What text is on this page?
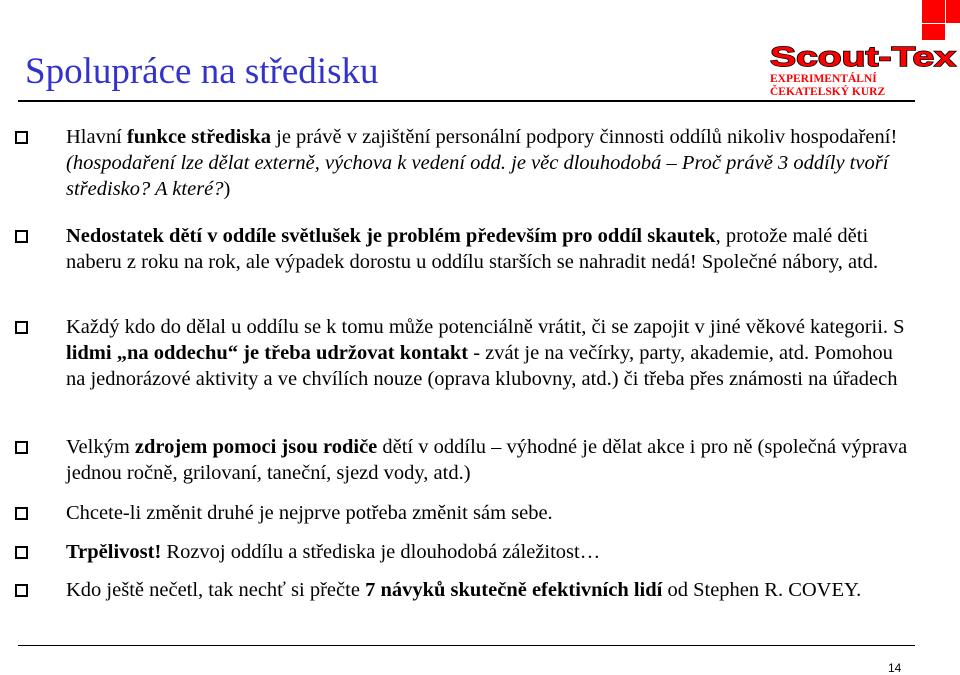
Spolupráce na středisku	Scout-Tex
EXPERIMENTÁLNÍ
ČEKATELSKÝ KURZ
Hlavní funkce střediska je právě v zajištění personální podpory činnosti oddílů nikoliv hospodaření! (hospodaření lze dělat externě, výchova k vedení odd. je věc dlouhodobá – Proč právě 3 oddíly tvoří středisko? A které?)
Nedostatek dětí v oddíle světlušek je problém především pro oddíl skautek, protože malé děti naberu z roku na rok, ale výpadek dorostu u oddílu starších se nahradit nedá! Společné nábory, atd.
Každý kdo do dělal u oddílu se k tomu může potenciálně vrátit, či se zapojit v jiné věkové kategorii. S lidmi „na oddechu“ je třeba udržovat kontakt - zvát je na večírky, party, akademie, atd. Pomohou na jednorázové aktivity a ve chvílích nouze (oprava klubovny, atd.) či třeba přes známosti na úřadech
Velkým zdrojem pomoci jsou rodiče dětí v oddílu – výhodné je dělat akce i pro ně (společná výprava jednou ročně, grilovaní, taneční, sjezd vody, atd.)
Chcete-li změnit druhé je nejprve potřeba změnit sám sebe.
Trpělivost! Rozvoj oddílu a střediska je dlouhodobá záležitost…
Kdo ještě nečetl, tak nechť si přečte 7 návyků skutečně efektivních lidí od Stephen R. COVEY.
14
